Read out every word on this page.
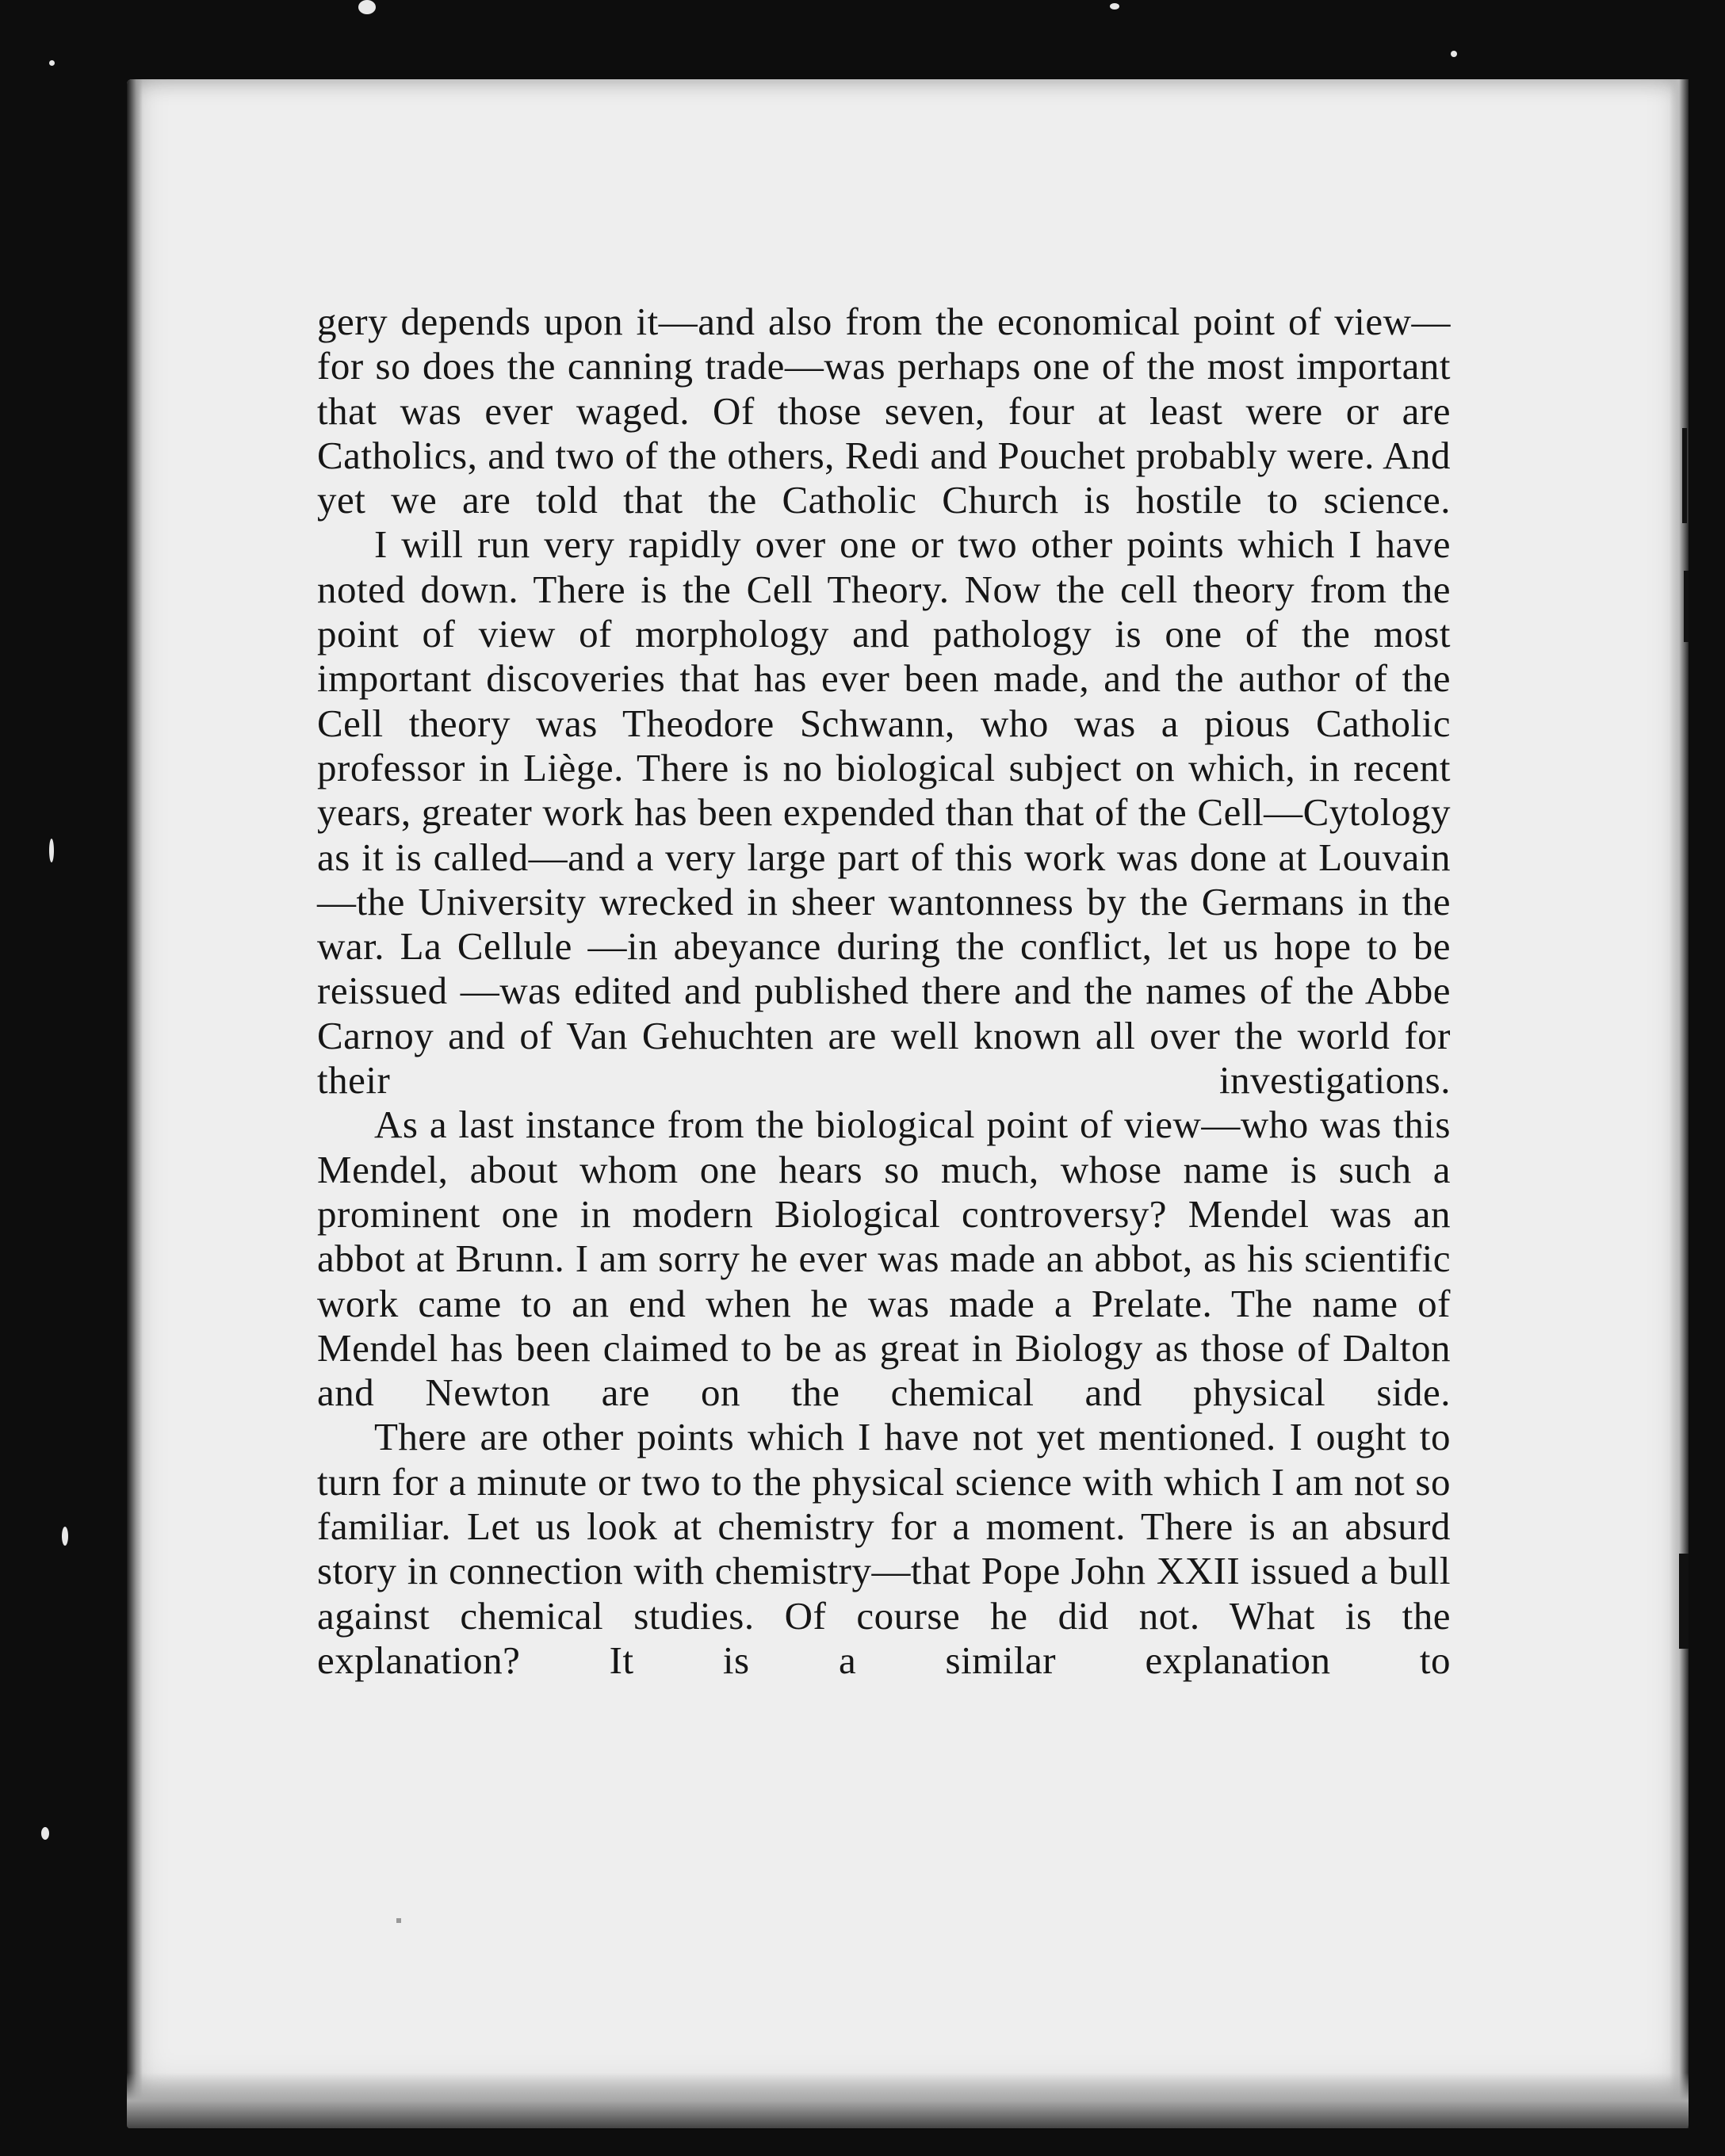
gery depends upon it—and also from the economical point of view—for so does the canning trade—was perhaps one of the most important that was ever waged. Of those seven, four at least were or are Catholics, and two of the others, Redi and Pouchet probably were. And yet we are told that the Catholic Church is hostile to science.

I will run very rapidly over one or two other points which I have noted down. There is the Cell Theory. Now the cell theory from the point of view of morphology and pathology is one of the most important discoveries that has ever been made, and the author of the Cell theory was Theodore Schwann, who was a pious Catholic professor in Liège. There is no biological subject on which, in recent years, greater work has been expended than that of the Cell—Cytology as it is called—and a very large part of this work was done at Louvain—the University wrecked in sheer wantonness by the Germans in the war. La Cellule —in abeyance during the conflict, let us hope to be reissued —was edited and published there and the names of the Abbe Carnoy and of Van Gehuchten are well known all over the world for their investigations.

As a last instance from the biological point of view—who was this Mendel, about whom one hears so much, whose name is such a prominent one in modern Biological controversy? Mendel was an abbot at Brunn. I am sorry he ever was made an abbot, as his scientific work came to an end when he was made a Prelate. The name of Mendel has been claimed to be as great in Biology as those of Dalton and Newton are on the chemical and physical side.

There are other points which I have not yet mentioned. I ought to turn for a minute or two to the physical science with which I am not so familiar. Let us look at chemistry for a moment. There is an absurd story in connection with chemistry—that Pope John XXII issued a bull against chemical studies. Of course he did not. What is the explanation? It is a similar explanation to
